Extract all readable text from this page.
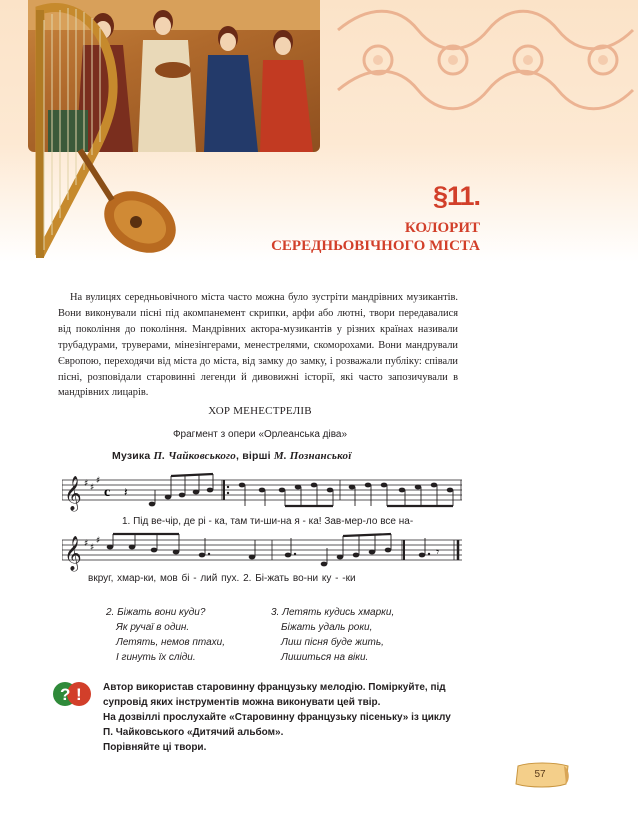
§11.
КОЛОРИТ
СЕРЕДНЬОВІЧНОГО МІСТА
На вулицях середньовічного міста часто можна було зустріти мандрівних музикантів. Вони виконували пісні під акомпанемент скрипки, арфи або лютні, твори передавалися від покоління до покоління. Мандрівних актора-музикантів у різних країнах називали трубадурами, труверами, мінезінгерами, менестрелями, скоморохами. Вони мандрували Європою, переходячи від міста до міста, від замку до замку, і розважали публіку: співали пісні, розповідали старовинні легенди й дивовижні історії, які часто запозичували в мандрівних лицарів.
ХОР МЕНЕСТРЕЛІВ
Фрагмент з опери «Орлеанська діва»
Музика П. Чайковського, вірші М. Познанської
𝄞 ♯ ♯
♯
c 𝄽
1. Під ве-чір, де рі - ка, там ти-ши-на я - ка! Зав-мер-ло все на-
𝄞 ♯ ♯
♯
𝄾
вкруг, хмар-ки, мов бі - лий пух. 2. Бі-жать во-ни ку - -ки
2. Біжать вони куди?
Як ручаї в один.
Летять, немов птахи,
І гинуть їх сліди.
3. Летять кудись хмарки,
Біжать удаль роки,
Лиш пісня буде жить,
Лишиться на віки.
? ! Автор використав старовинну французьку мелодію. Поміркуйте, під
супровід яких інструментів можна виконувати цей твір.
На дозвіллі прослухайте «Старовинну французьку пісеньку» із циклу
П. Чайковського «Дитячий альбом».
Порівняйте ці твори.
57
